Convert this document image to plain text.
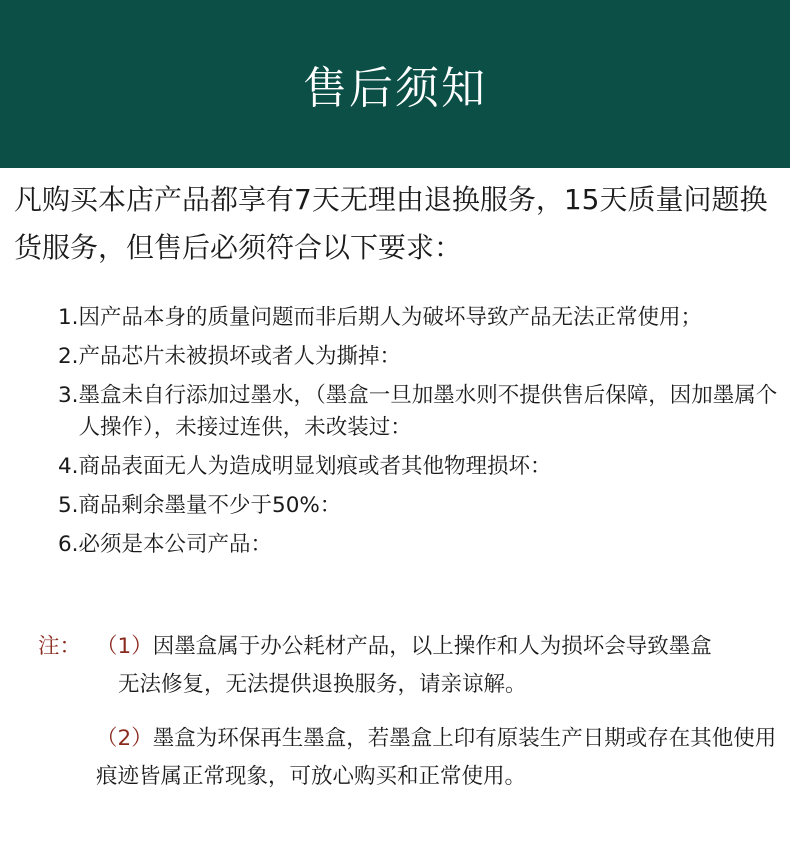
售后须知
凡购买本店产品都享有7天无理由退换服务，15天质量问题换货服务，但售后必须符合以下要求：
1. 因产品本身的质量问题而非后期人为破坏导致产品无法正常使用；
2. 产品芯片未被损坏或者人为撕掉：
3. 墨盒未自行添加过墨水，（墨盒一旦加墨水则不提供售后保障，因加墨属个人操作），未接过连供，未改装过：
4. 商品表面无人为造成明显划痕或者其他物理损坏：
5. 商品剩余墨量不少于50%：
6. 必须是本公司产品：
注： （1）因墨盒属于办公耗材产品，以上操作和人为损坏会导致墨盒
无法修复，无法提供退换服务，请亲谅解。
（2）墨盒为环保再生墨盒，若墨盒上印有原装生产日期或存在其他使用痕迹皆属正常现象，可放心购买和正常使用。
